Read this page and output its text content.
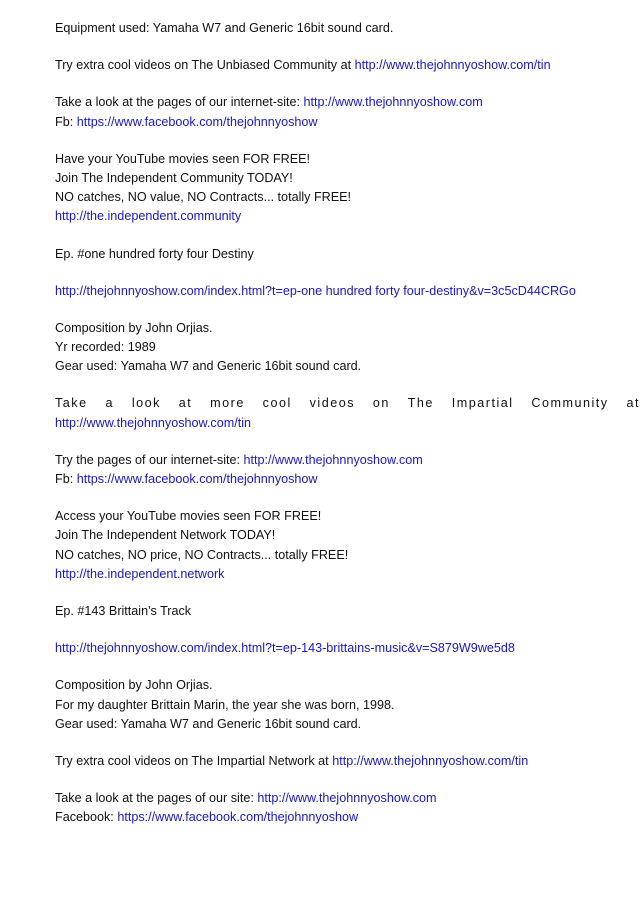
Equipment used: Yamaha W7 and Generic 16bit sound card.
Try extra cool videos on The Unbiased Community at http://www.thejohnnyoshow.com/tin
Take a look at the pages of our internet-site: http://www.thejohnnyoshow.com
Fb: https://www.facebook.com/thejohnnyoshow
Have your YouTube movies seen FOR FREE!
Join The Independent Community TODAY!
NO catches, NO value, NO Contracts... totally FREE!
http://the.independent.community
Ep. #one hundred forty four Destiny
http://thejohnnyoshow.com/index.html?t=ep-one hundred forty four-destiny&v=3c5cD44CRGo
Composition by John Orjias.
Yr recorded: 1989
Gear used: Yamaha W7 and Generic 16bit sound card.
Take a look at more cool videos on The Impartial Community at
http://www.thejohnnyoshow.com/tin
Try the pages of our internet-site: http://www.thejohnnyoshow.com
Fb: https://www.facebook.com/thejohnnyoshow
Access your YouTube movies seen FOR FREE!
Join The Independent Network TODAY!
NO catches, NO price, NO Contracts... totally FREE!
http://the.independent.network
Ep. #143 Brittain's Track
http://thejohnnyoshow.com/index.html?t=ep-143-brittains-music&v=S879W9we5d8
Composition by John Orjias.
For my daughter Brittain Marin, the year she was born, 1998.
Gear used: Yamaha W7 and Generic 16bit sound card.
Try extra cool videos on The Impartial Network at http://www.thejohnnyoshow.com/tin
Take a look at the pages of our site: http://www.thejohnnyoshow.com
Facebook: https://www.facebook.com/thejohnnyoshow
